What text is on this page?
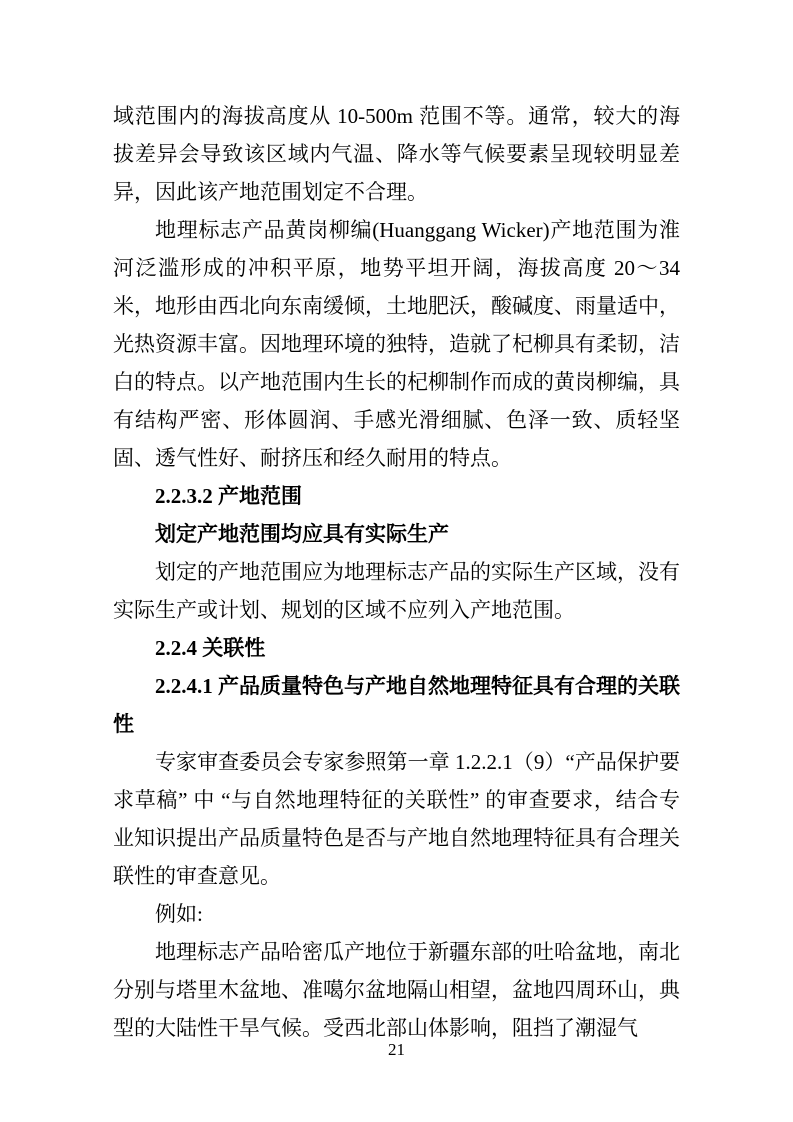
域范围内的海拔高度从 10-500m 范围不等。通常，较大的海拔差异会导致该区域内气温、降水等气候要素呈现较明显差异，因此该产地范围划定不合理。

地理标志产品黄岗柳编(Huanggang Wicker)产地范围为淮河泛滥形成的冲积平原，地势平坦开阔，海拔高度 20～34 米，地形由西北向东南缓倾，土地肥沃，酸碱度、雨量适中，光热资源丰富。因地理环境的独特，造就了杞柳具有柔韧，洁白的特点。以产地范围内生长的杞柳制作而成的黄岗柳编，具有结构严密、形体圆润、手感光滑细腻、色泽一致、质轻坚固、透气性好、耐挤压和经久耐用的特点。

2.2.3.2 产地范围

划定产地范围均应具有实际生产

划定的产地范围应为地理标志产品的实际生产区域，没有实际生产或计划、规划的区域不应列入产地范围。

2.2.4 关联性

2.2.4.1 产品质量特色与产地自然地理特征具有合理的关联性

专家审查委员会专家参照第一章 1.2.2.1（9）“产品保护要求草稿” 中 “与自然地理特征的关联性” 的审查要求，结合专业知识提出产品质量特色是否与产地自然地理特征具有合理关联性的审查意见。

例如:

地理标志产品哈密瓜产地位于新疆东部的吐哈盆地，南北分别与塔里木盆地、准噶尔盆地隔山相望，盆地四周环山，典型的大陆性干旱气候。受西北部山体影响，阻挡了潮湿气

21
